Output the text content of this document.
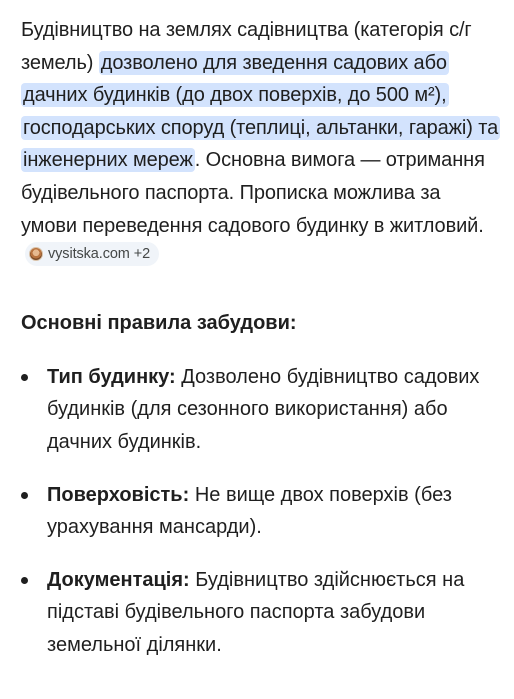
Будівництво на землях садівництва (категорія с/г земель) дозволено для зведення садових або дачних будинків (до двох поверхів, до 500 м²), господарських споруд (теплиці, альтанки, гаражі) та інженерних мереж . Основна вимога — отримання будівельного паспорта. Прописка можлива за умови переведення садового будинку в житловий.
vysitska.com +2

Основні правила забудови:
Тип будинку: Дозволено будівництво садових будинків (для сезонного використання) або дачних будинків.
Поверховість: Не вище двох поверхів (без урахування мансарди).
Документація: Будівництво здійснюється на підставі будівельного паспорта забудови земельної ділянки.
